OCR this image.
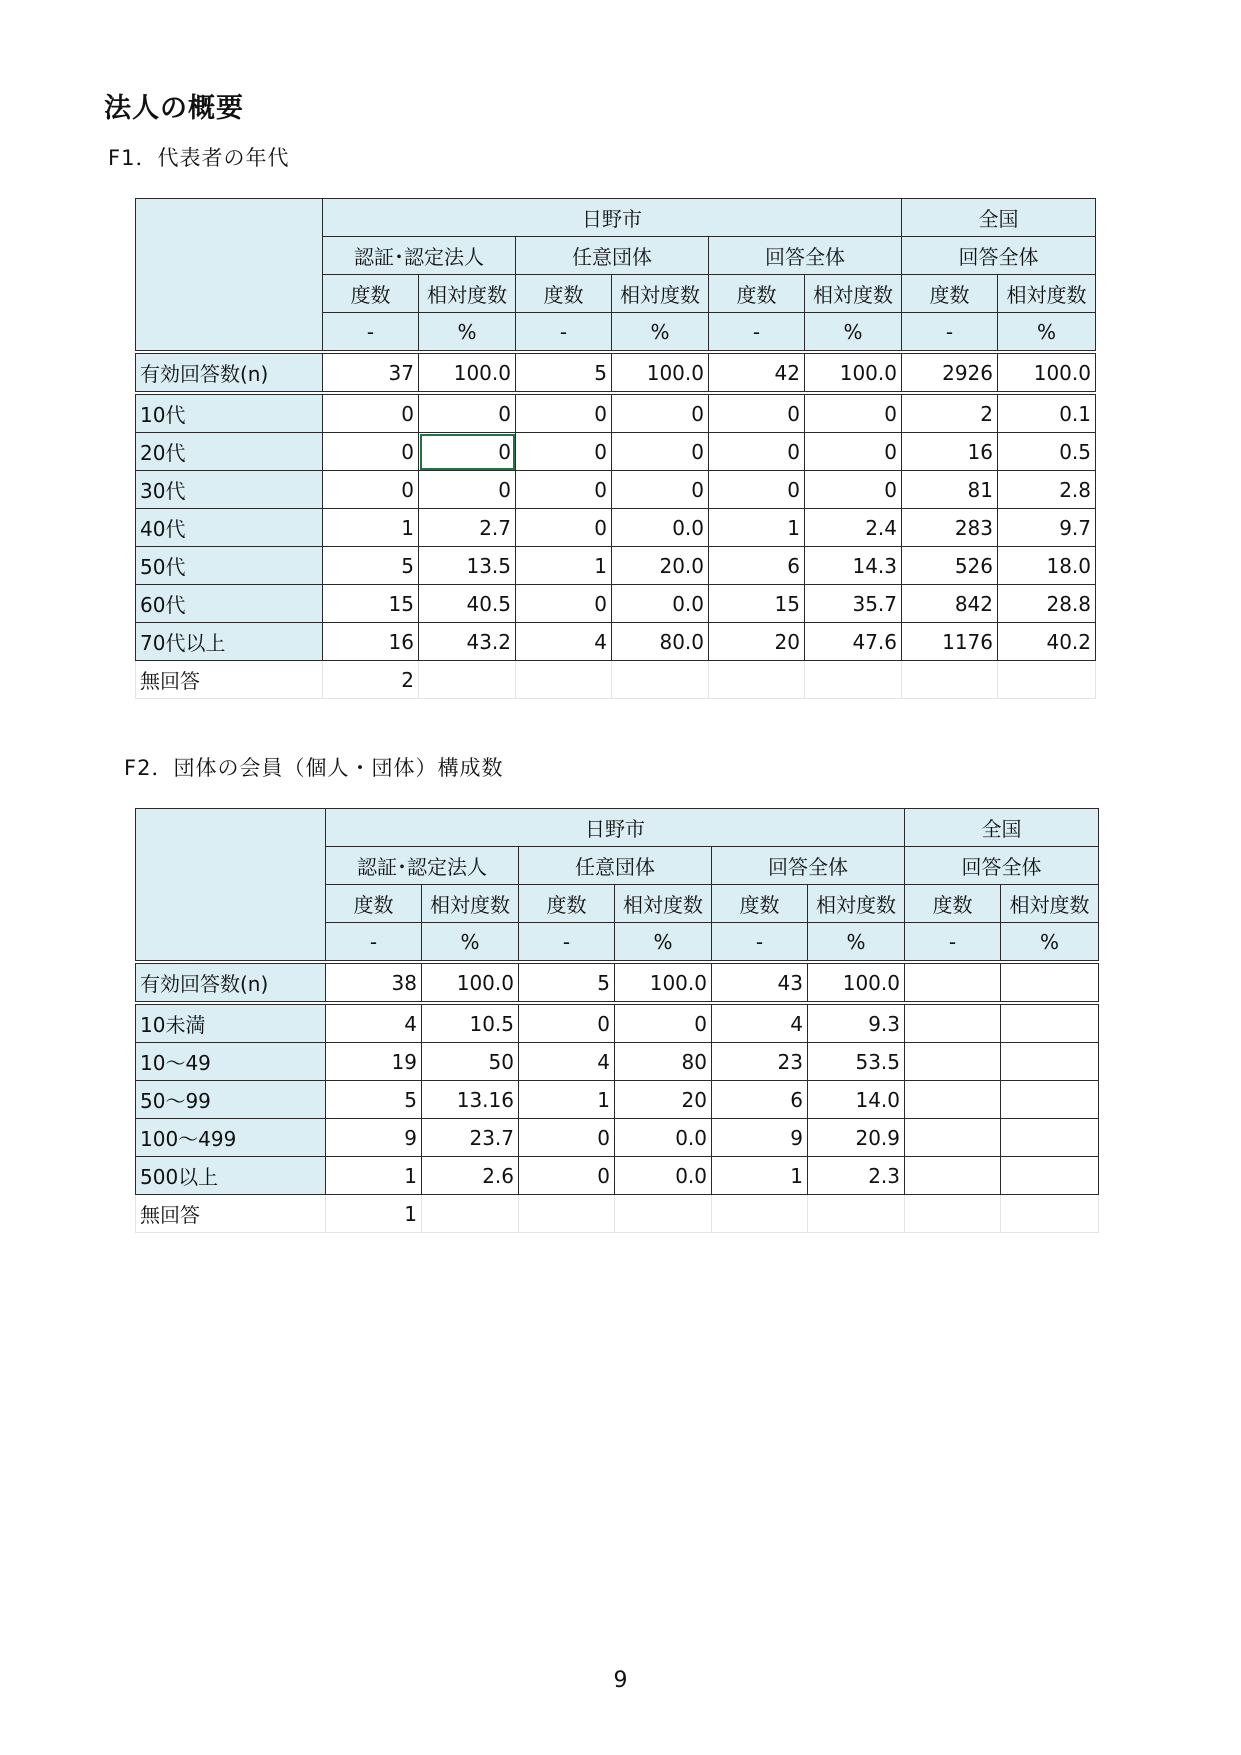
法人の概要
F1．代表者の年代
	日野市						全国	
	認証･認定法人		任意団体		回答全体		回答全体	
	度数	相対度数	度数	相対度数	度数	相対度数	度数	相対度数
	-	%	-	%	-	%	-	%
有効回答数(n)	37	100.0	5	100.0	42	100.0	2926	100.0
10代	0	0	0	0	0	0	2	0.1
20代	0	0	0	0	0	0	16	0.5
30代	0	0	0	0	0	0	81	2.8
40代	1	2.7	0	0.0	1	2.4	283	9.7
50代	5	13.5	1	20.0	6	14.3	526	18.0
60代	15	40.5	0	0.0	15	35.7	842	28.8
70代以上	16	43.2	4	80.0	20	47.6	1176	40.2
無回答	2							
F2．団体の会員（個人・団体）構成数
	日野市						全国	
	認証･認定法人		任意団体		回答全体		回答全体	
	度数	相対度数	度数	相対度数	度数	相対度数	度数	相対度数
	-	%	-	%	-	%	-	%
有効回答数(n)	38	100.0	5	100.0	43	100.0		
10未満	4	10.5	0	0	4	9.3		
10～49	19	50	4	80	23	53.5		
50～99	5	13.16	1	20	6	14.0		
100～499	9	23.7	0	0.0	9	20.9		
500以上	1	2.6	0	0.0	1	2.3		
無回答	1							
9
